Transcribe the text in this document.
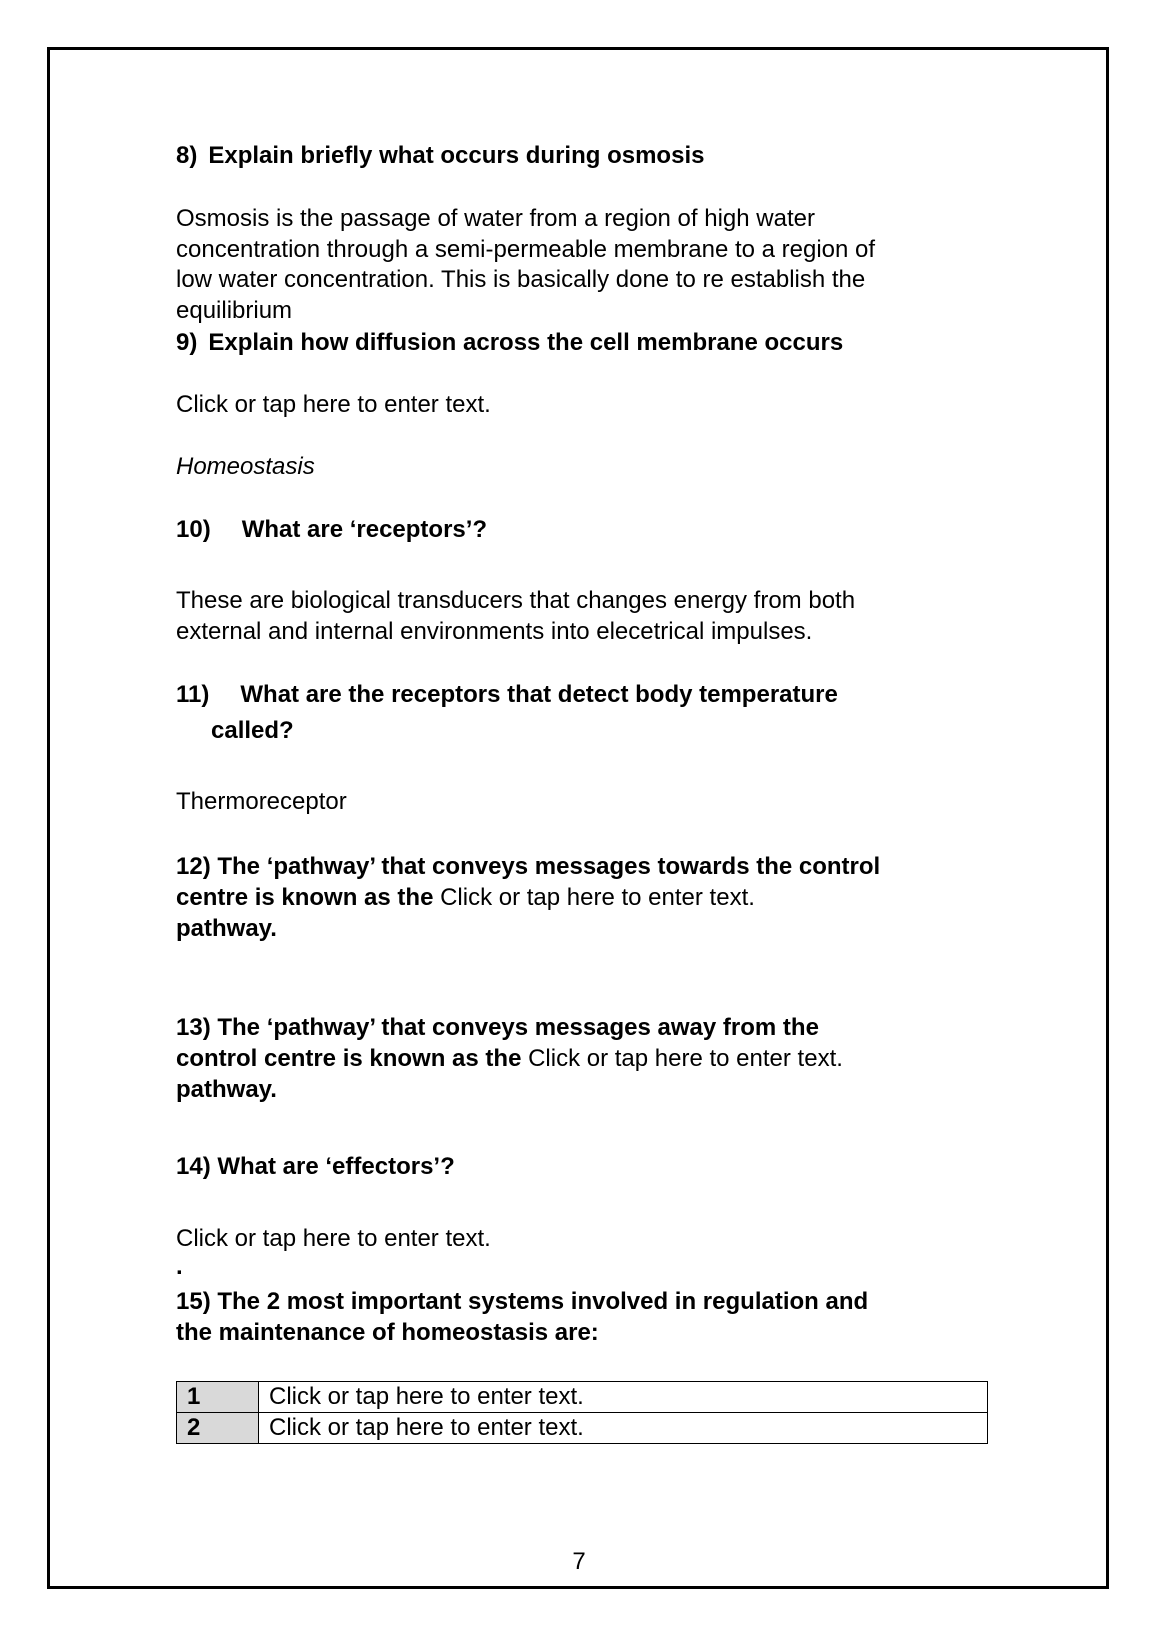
8) Explain briefly what occurs during osmosis
Osmosis is the passage of water from a region of high water
concentration through a semi-permeable membrane to a region of
low water concentration. This is basically done to re establish the
equilibrium
9) Explain how diffusion across the cell membrane occurs
Click or tap here to enter text.
Homeostasis
10) What are ‘receptors’?
These are biological transducers that changes energy from both
external and internal environments into elecetrical impulses.
11) What are the receptors that detect body temperature
called?
Thermoreceptor
12) The ‘pathway’ that conveys messages towards the control
centre is known as the Click or tap here to enter text.
pathway.
13) The ‘pathway’ that conveys messages away from the
control centre is known as the Click or tap here to enter text.
pathway.
14) What are ‘effectors’?
Click or tap here to enter text.
.
15) The 2 most important systems involved in regulation and
the maintenance of homeostasis are:
1	Click or tap here to enter text.
2	Click or tap here to enter text.
7
